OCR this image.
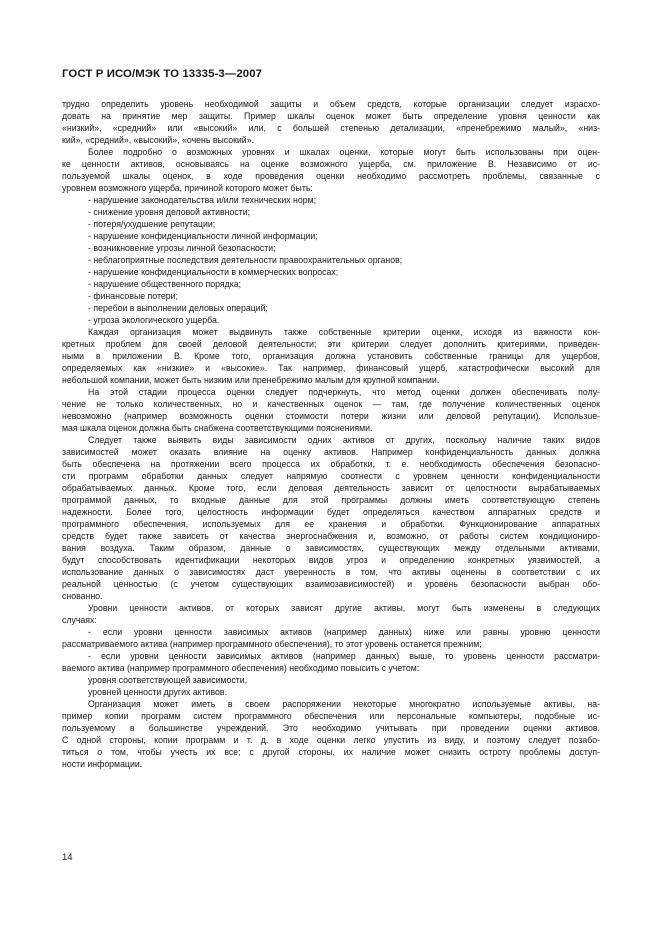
ГОСТ Р ИСО/МЭК ТО 13335-3—2007
трудно определить уровень необходимой защиты и объем средств, которые организации следует израсхо-
довать на принятие мер защиты. Пример шкалы оценок может быть определение уровня ценности как
«низкий», «средний» или «высокий» или, с большей степенью детализации, «пренебрежимо малый», «низ-
кий», «средний», «высокий», «очень высокий».
Более подробно о возможных уровнях и шкалах оценки, которые могут быть использованы при оцен-
ке ценности активов, основываясь на оценке возможного ущерба, см. приложение В. Независимо от ис-
пользуемой шкалы оценок, в ходе проведения оценки необходимо рассмотреть проблемы, связанные с
уровнем возможного ущерба, причиной которого может быть:
- нарушение законодательства и/или технических норм;
- снижение уровня деловой активности;
- потеря/ухудшение репутации;
- нарушение конфиденциальности личной информации;
- возникновение угрозы личной безопасности;
- неблагоприятные последствия деятельности правоохранительных органов;
- нарушение конфиденциальности в коммерческих вопросах;
- нарушение общественного порядка;
- финансовые потери;
- перебои в выполнении деловых операций;
- угроза экологического ущерба.
Каждая организация может выдвинуть также собственные критерии оценки, исходя из важности кон-
кретных проблем для своей деловой деятельности; эти критерии следует дополнить критериями, приведен-
ными в приложении В. Кроме того, организация должна установить собственные границы для ущербов,
определяемых как «низкие» и «высокие». Так например, финансовый ущерб, катастрофически высокий для
небольшой компании, может быть низким или пренебрежимо малым для крупной компании.
На этой стадии процесса оценки следует подчеркнуть, что метод оценки должен обеспечивать полу-
чение не только количественных, но и качественных оценок — там, где получение количественных оценок
невозможно (например возможность оценки стоимости потери жизни или деловой репутации). Использue-
мая шкала оценок должна быть снабжена соответствующими пояснениями.
Следует также выявить виды зависимости одних активов от других, поскольку наличие таких видов
зависимостей может оказать влияние на оценку активов. Например конфиденциальность данных должна
быть обеспечена на протяжении всего процесса их обработки, т. е. необходимость обеспечения безопасно-
сти программ обработки данных следует напрямую соотнести с уровнем ценности конфиденциальности
обрабатываемых данных. Кроме того, если деловая деятельность зависит от целостности вырабатываемых
программой данных, то входные данные для этой программы должны иметь соответствующую степень
надежности. Более того, целостность информации будет определяться качеством аппаратных средств и
программного обеспечения, используемых для ее хранения и обработки. Функционирование аппаратных
средств будет также зависеть от качества энергоснабжения и, возможно, от работы систем кондициониро-
вания воздуха. Таким образом, данные о зависимостях, существующих между отдельными активами,
будут способствовать идентификации некоторых видов угроз и определению конкретных уязвимостей, а
использование данных о зависимостях даст уверенность в том, что активы оценены в соответствии с их
реальной ценностью (с учетом существующих взаимозависимостей) и уровень безопасности выбран обо-
снованно.
Уровни ценности активов, от которых зависят другие активы, могут быть изменены в следующих
случаях:
- если уровни ценности зависимых активов (например данных) ниже или равны уровню ценности
рассматриваемого актива (например программного обеспечения), то этот уровень останется прежним;
- если уровни ценности зависимых активов (например данных) выше, то уровень ценности рассматри-
ваемого актива (например программного обеспечения) необходимо повысить с учетом:
уровня соответствующей зависимости,
уровней ценности других активов.
Организация может иметь в своем распоряжении некоторые многократно используемые активы, на-
пример копии программ систем программного обеспечения или персональные компьютеры, подобные ис-
пользуемому в большинстве учреждений. Это необходимо учитывать при проведении оценки активов.
С одной стороны, копии программ и т. д. в ходе оценки легко упустить из виду, и поэтому следует позабо-
титься о том, чтобы учесть их все; с другой стороны, их наличие может снизить остроту проблемы доступ-
ности информации.
14
